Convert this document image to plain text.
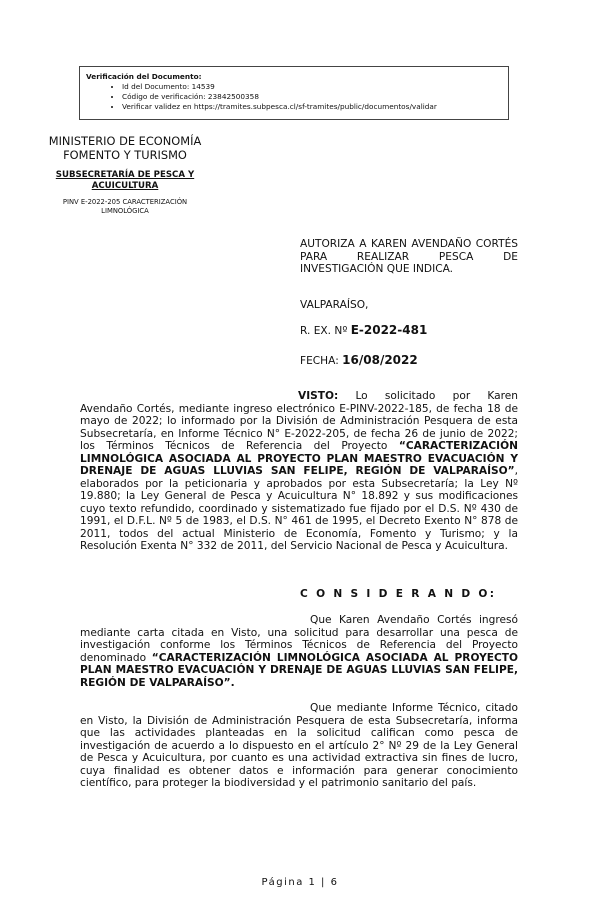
Verificación del Documento:
• Id del Documento: 14539
• Código de verificación: 23842500358
• Verificar validez en https://tramites.subpesca.cl/sf-tramites/public/documentos/validar
MINISTERIO DE ECONOMÍA
FOMENTO Y TURISMO
SUBSECRETARÍA DE PESCA Y ACUICULTURA
PINV E-2022-205 CARACTERIZACIÓN LIMNOLÓGICA
AUTORIZA A KAREN AVENDAÑO CORTÉS PARA REALIZAR PESCA DE INVESTIGACIÓN QUE INDICA.
VALPARAÍSO,
R. EX. Nº E-2022-481
FECHA: 16/08/2022
VISTO: Lo solicitado por Karen Avendaño Cortés, mediante ingreso electrónico E-PINV-2022-185, de fecha 18 de mayo de 2022; lo informado por la División de Administración Pesquera de esta Subsecretaría, en Informe Técnico N° E-2022-205, de fecha 26 de junio de 2022; los Términos Técnicos de Referencia del Proyecto “CARACTERIZACIÓN LIMNOLÓGICA ASOCIADA AL PROYECTO PLAN MAESTRO EVACUACIÓN Y DRENAJE DE AGUAS LLUVIAS SAN FELIPE, REGIÓN DE VALPARAÍSO”, elaborados por la peticionaria y aprobados por esta Subsecretaría; la Ley Nº 19.880; la Ley General de Pesca y Acuicultura N° 18.892 y sus modificaciones cuyo texto refundido, coordinado y sistematizado fue fijado por el D.S. Nº 430 de 1991, el D.F.L. Nº 5 de 1983, el D.S. N° 461 de 1995, el Decreto Exento N° 878 de 2011, todos del actual Ministerio de Economía, Fomento y Turismo; y la Resolución Exenta N° 332 de 2011, del Servicio Nacional de Pesca y Acuicultura.
C O N S I D E R A N D O:
Que Karen Avendaño Cortés ingresó mediante carta citada en Visto, una solicitud para desarrollar una pesca de investigación conforme los Términos Técnicos de Referencia del Proyecto denominado “CARACTERIZACIÓN LIMNOLÓGICA ASOCIADA AL PROYECTO PLAN MAESTRO EVACUACIÓN Y DRENAJE DE AGUAS LLUVIAS SAN FELIPE, REGIÓN DE VALPARAÍSO”.
Que mediante Informe Técnico, citado en Visto, la División de Administración Pesquera de esta Subsecretaría, informa que las actividades planteadas en la solicitud califican como pesca de investigación de acuerdo a lo dispuesto en el artículo 2° Nº 29 de la Ley General de Pesca y Acuicultura, por cuanto es una actividad extractiva sin fines de lucro, cuya finalidad es obtener datos e información para generar conocimiento científico, para proteger la biodiversidad y el patrimonio sanitario del país.
Página 1 | 6
